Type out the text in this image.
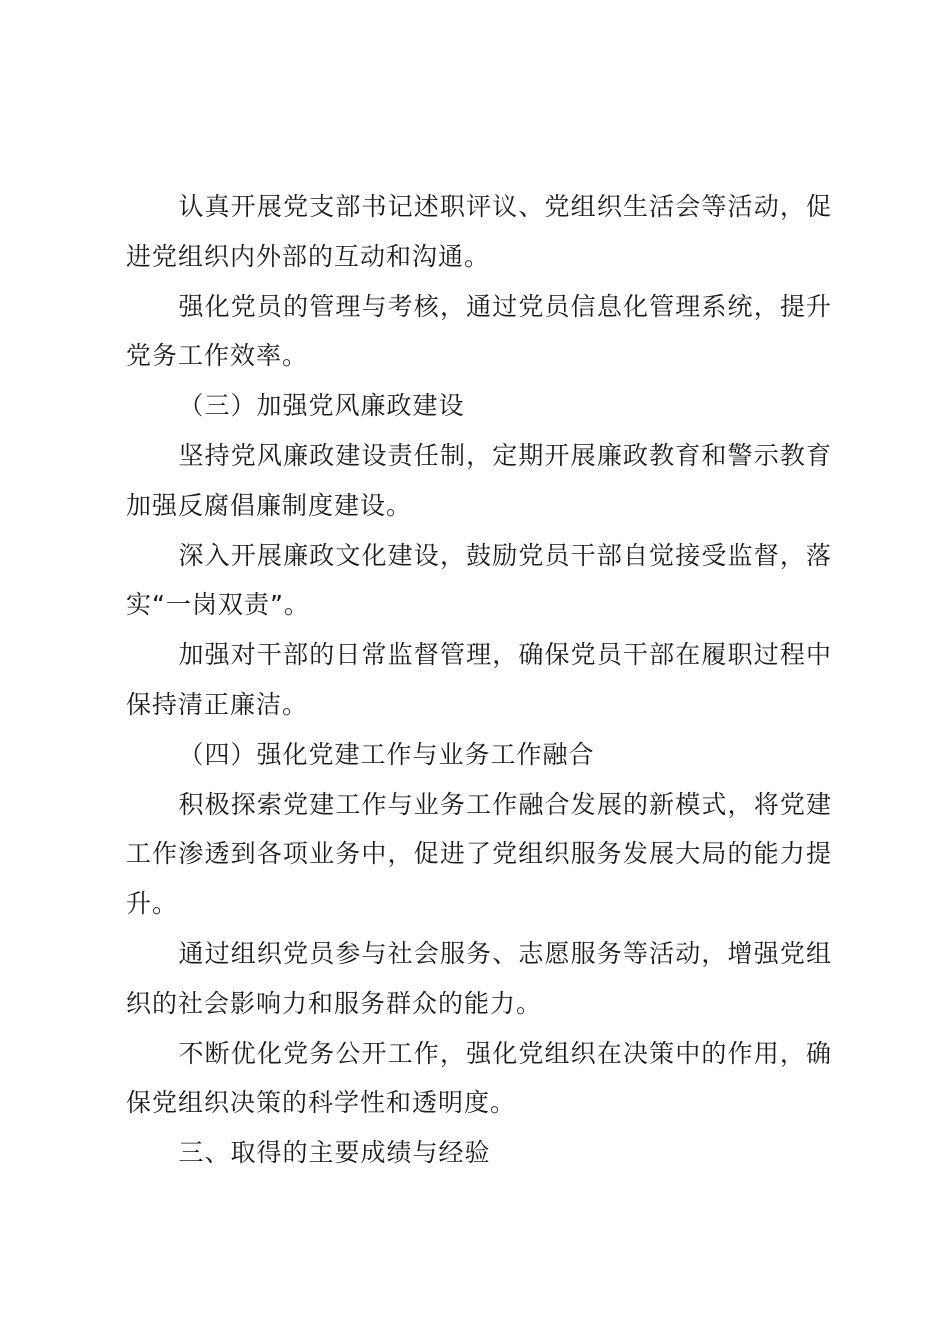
认真开展党支部书记述职评议、党组织生活会等活动，促进党组织内外部的互动和沟通。

强化党员的管理与考核，通过党员信息化管理系统，提升党务工作效率。

（三）加强党风廉政建设

坚持党风廉政建设责任制，定期开展廉政教育和警示教育加强反腐倡廉制度建设。

深入开展廉政文化建设，鼓励党员干部自觉接受监督，落实“一岗双责”。

加强对干部的日常监督管理，确保党员干部在履职过程中保持清正廉洁。

（四）强化党建工作与业务工作融合

积极探索党建工作与业务工作融合发展的新模式，将党建工作渗透到各项业务中，促进了党组织服务发展大局的能力提升。

通过组织党员参与社会服务、志愿服务等活动，增强党组织的社会影响力和服务群众的能力。

不断优化党务公开工作，强化党组织在决策中的作用，确保党组织决策的科学性和透明度。

三、取得的主要成绩与经验
